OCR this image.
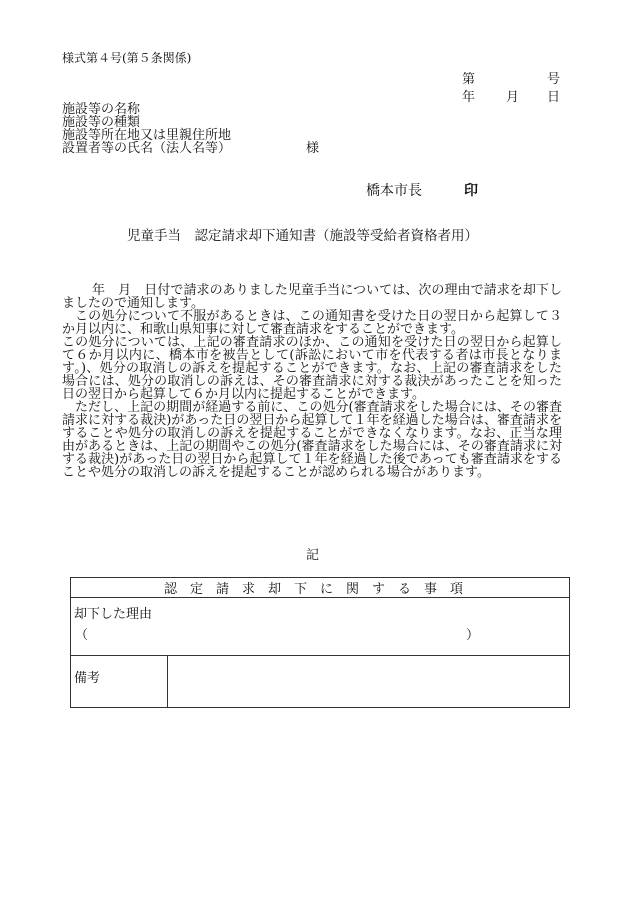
様式第４号(第５条関係)
第	号
年 月 日
施設等の名称
施設等の種類
施設等所在地又は里親住所地
設置者等の氏名（法人名等）	様
橋本市長	印
児童手当　認定請求却下通知書（施設等受給者資格者用）

年　月　日付で請求のありました児童手当については、次の理由で請求を却下しましたので通知します。

この処分について不服があるときは、この通知書を受けた日の翌日から起算して３か月以内に、和歌山県知事に対して審査請求をすることができます。

この処分については、上記の審査請求のほか、この通知を受けた日の翌日から起算して６か月以内に、橋本市を被告として(訴訟において市を代表する者は市長となります。)、処分の取消しの訴えを提起することができます。なお、上記の審査請求をした場合には、処分の取消しの訴えは、その審査請求に対する裁決があったことを知った日の翌日から起算して６か月以内に提起することができます。

ただし、上記の期間が経過する前に、この処分(審査請求をした場合には、その審査請求に対する裁決)があった日の翌日から起算して１年を経過した場合は、審査請求をすることや処分の取消しの訴えを提起することができなくなります。なお、正当な理由があるときは、上記の期間やこの処分(審査請求をした場合には、その審査請求に対する裁決)があった日の翌日から起算して１年を経過した後であっても審査請求をすることや処分の取消しの訴えを提起することが認められる場合があります。

記
認定請求却下に関する事項

却下した理由
（	）

備考	
